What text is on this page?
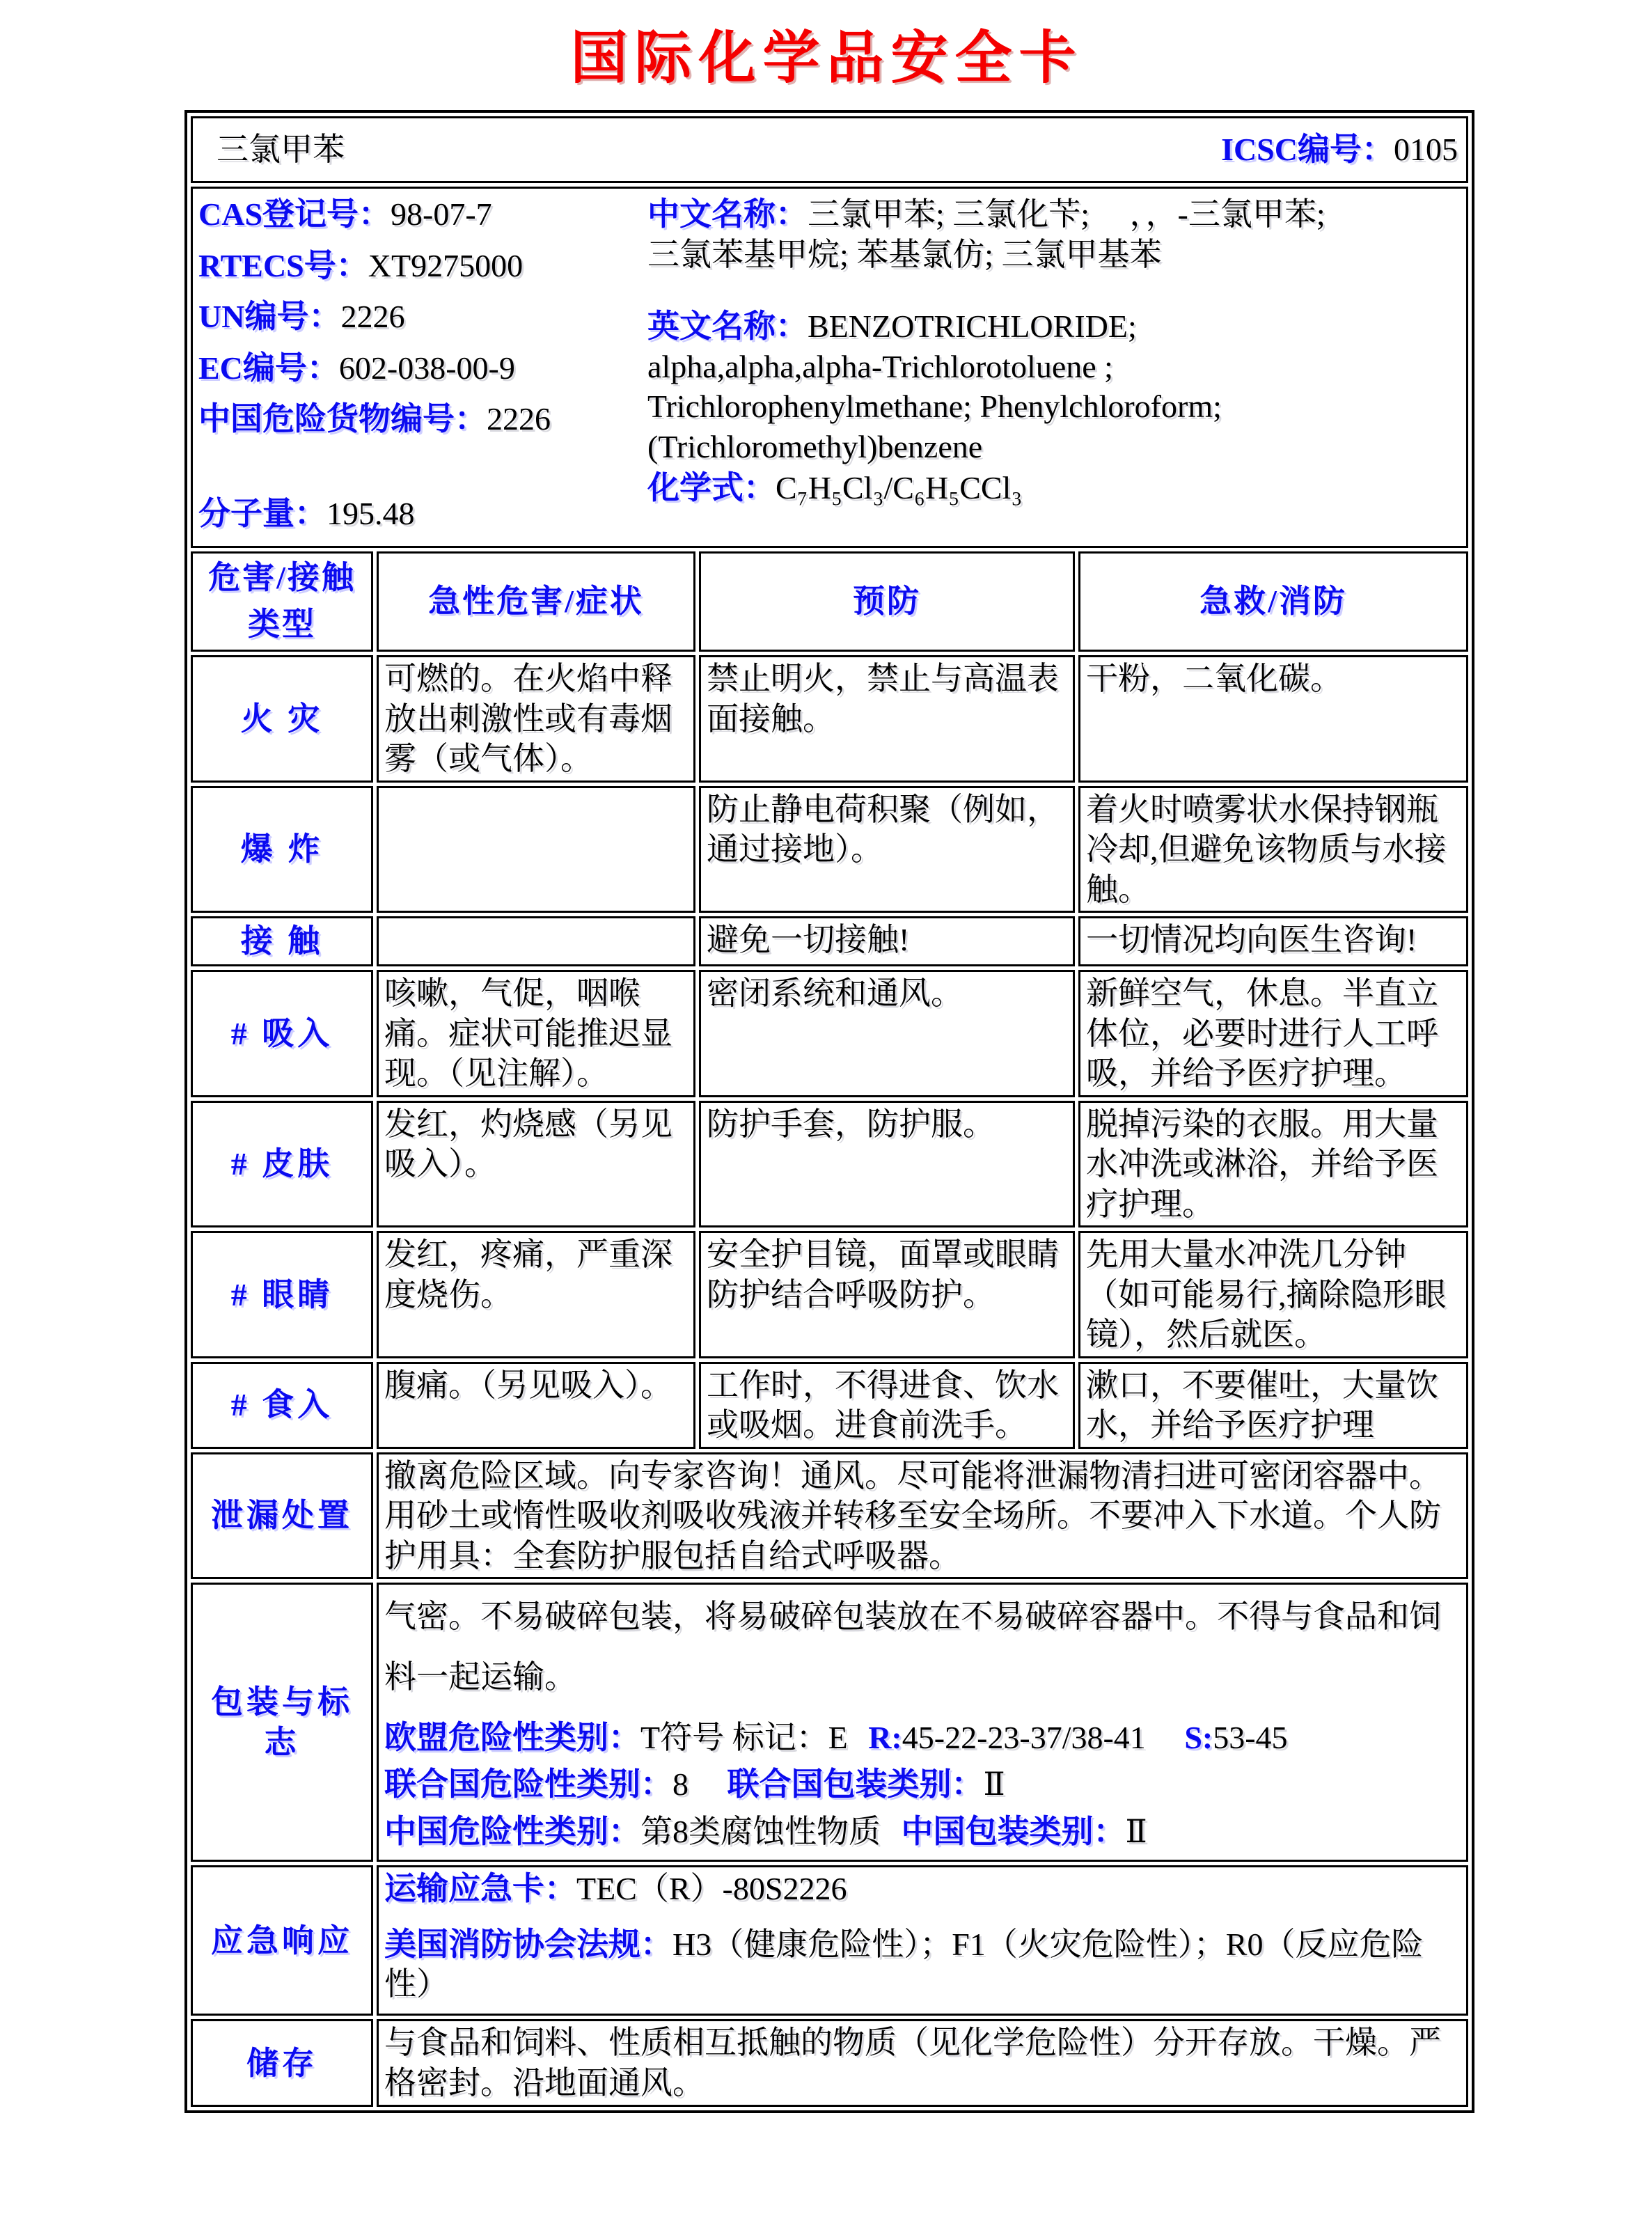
国际化学品安全卡
三氯甲苯 ICSC编号：0105			

CAS登记号：98-07-7
RTECS号：XT9275000
UN编号：2226
EC编号：602-038-00-9
中国危险货物编号：2226
分子量：195.48
中文名称：三氯甲苯; 三氯化苄; 　，，-三氯甲苯;
三氯苯基甲烷; 苯基氯仿; 三氯甲基苯
英文名称：BENZOTRICHLORIDE;
alpha,alpha,alpha-Trichlorotoluene ;
Trichlorophenylmethane; Phenylchloroform;
(Trichloromethyl)benzene
化学式：C₇H₅Cl₃/C₆H₅CCl₃

危害/接触类型	急性危害/症状	预防	急救/消防
火 灾	可燃的。在火焰中释放出刺激性或有毒烟雾（或气体）。	禁止明火，禁止与高温表面接触。	干粉，二氧化碳。
爆 炸		防止静电荷积聚（例如，通过接地）。	着火时喷雾状水保持钢瓶冷却,但避免该物质与水接触。
接 触		避免一切接触!	一切情况均向医生咨询!
# 吸入	咳嗽，气促，咽喉痛。症状可能推迟显现。（见注解）。	密闭系统和通风。	新鲜空气，休息。半直立体位，必要时进行人工呼吸，并给予医疗护理。
# 皮肤	发红，灼烧感（另见吸入）。	防护手套，防护服。	脱掉污染的衣服。用大量水冲洗或淋浴，并给予医疗护理。
# 眼睛	发红，疼痛，严重深度烧伤。	安全护目镜，面罩或眼睛防护结合呼吸防护。	先用大量水冲洗几分钟（如可能易行,摘除隐形眼镜），然后就医。
# 食入	腹痛。（另见吸入）。	工作时，不得进食、饮水或吸烟。进食前洗手。	漱口，不要催吐，大量饮水，并给予医疗护理
泄漏处置	撤离危险区域。向专家咨询！通风。尽可能将泄漏物清扫进可密闭容器中。用砂土或惰性吸收剂吸收残液并转移至安全场所。不要冲入下水道。个人防护用具：全套防护服包括自给式呼吸器。		
包装与标志	气密。不易破碎包装，将易破碎包装放在不易破碎容器中。不得与食品和饲料一起运输。
欧盟危险性类别：T符号 标记：E R:45-22-23-37/38-41 S:53-45
联合国危险性类别：8 联合国包装类别：Ⅱ
中国危险性类别：第8类腐蚀性物质 中国包装类别：Ⅱ		

应急响应	运输应急卡：TEC（R）-80S2226
美国消防协会法规：H3（健康危险性）；F1（火灾危险性）；R0（反应危险性）		

储存	与食品和饲料、性质相互抵触的物质（见化学危险性）分开存放。干燥。严格密封。沿地面通风。		
